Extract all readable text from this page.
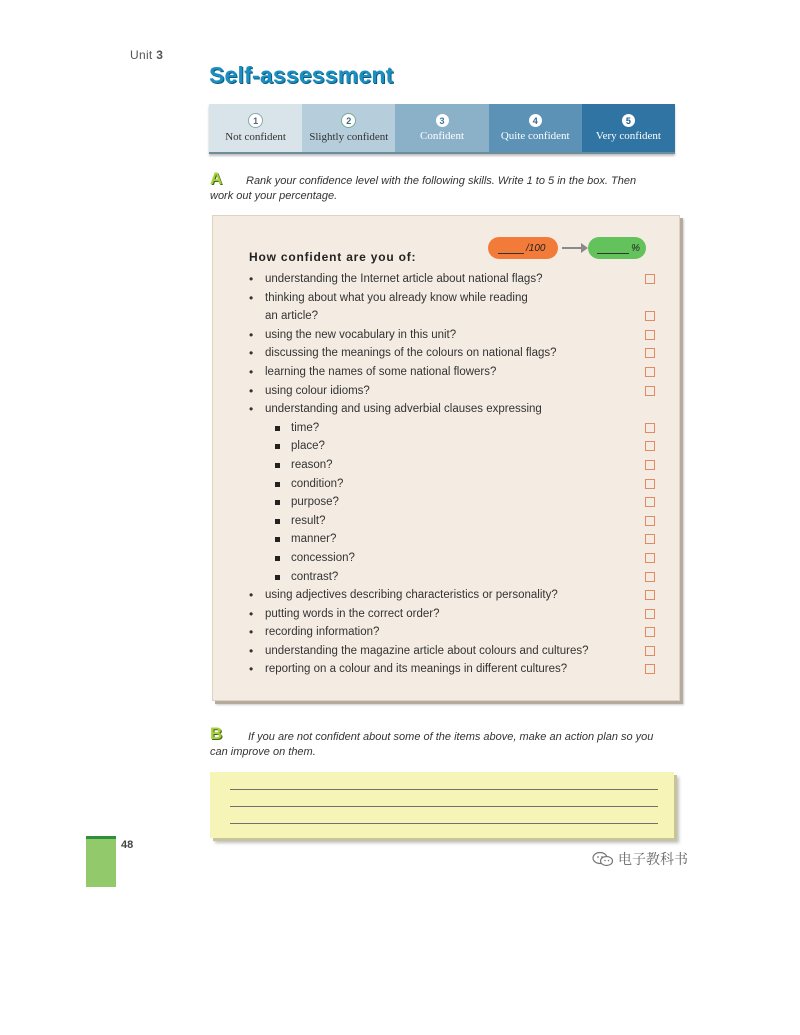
Unit 3
Self-assessment
1
Not confident
2
Slightly confident
3
Confident
4
Quite confident
5
Very confident
A Rank your confidence level with the following skills. Write 1 to 5 in the box. Then
work out your percentage.
How confident are you of:
/100	%
• understanding the Internet article about national flags?
• thinking about what you already know while reading
an article?
• using the new vocabulary in this unit?
• discussing the meanings of the colours on national flags?
• learning the names of some national flowers?
• using colour idioms?
• understanding and using adverbial clauses expressing
time?
place?
reason?
condition?
purpose?
result?
manner?
concession?
contrast?
• using adjectives describing characteristics or personality?
• putting words in the correct order?
• recording information?
• understanding the magazine article about colours and cultures?
• reporting on a colour and its meanings in different cultures?
B If you are not confident about some of the items above, make an action plan so you
can improve on them.
48
电子教科书
